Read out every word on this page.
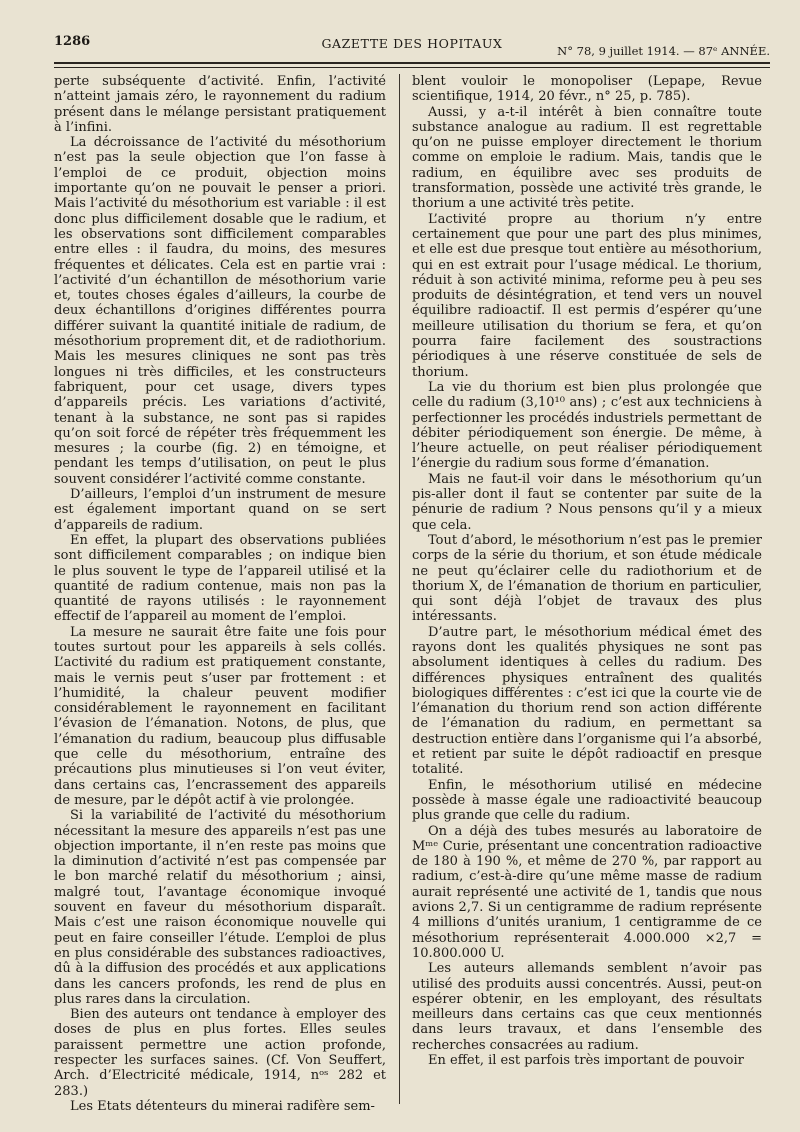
1286	GAZETTE DES HOPITAUX	N° 78, 9 juillet 1914. — 87ᵉ ANNÉE.

perte subséquente d’activité. Enfin, l’activité n’atteint jamais zéro, le rayonnement du radium présent dans le mélange persistant pratiquement à l’infini.

La décroissance de l’activité du mésothorium n’est pas la seule objection que l’on fasse à l’emploi de ce produit, objection moins importante qu’on ne pouvait le penser a priori. Mais l’activité du mésothorium est variable : il est donc plus difficilement dosable que le radium, et les observations sont difficilement comparables entre elles : il faudra, du moins, des mesures fréquentes et délicates. Cela est en partie vrai : l’activité d’un échantillon de mésothorium varie et, toutes choses égales d’ailleurs, la courbe de deux échantillons d’origines différentes pourra différer suivant la quantité initiale de radium, de mésothorium proprement dit, et de radiothorium. Mais les mesures cliniques ne sont pas très longues ni très difficiles, et les constructeurs fabriquent, pour cet usage, divers types d’appareils précis. Les variations d’activité, tenant à la substance, ne sont pas si rapides qu’on soit forcé de répéter très fréquemment les mesures ; la courbe (fig. 2) en témoigne, et pendant les temps d’utilisation, on peut le plus souvent considérer l’activité comme constante.

D’ailleurs, l’emploi d’un instrument de mesure est également important quand on se sert d’appareils de radium.

En effet, la plupart des observations publiées sont difficilement comparables ; on indique bien le plus souvent le type de l’appareil utilisé et la quantité de radium contenue, mais non pas la quantité de rayons utilisés : le rayonnement effectif de l’appareil au moment de l’emploi.

La mesure ne saurait être faite une fois pour toutes surtout pour les appareils à sels collés. L’activité du radium est pratiquement constante, mais le vernis peut s’user par frottement : et l’humidité, la chaleur peuvent modifier considérablement le rayonnement en facilitant l’évasion de l’émanation. Notons, de plus, que l’émanation du radium, beaucoup plus diffusable que celle du mésothorium, entraîne des précautions plus minutieuses si l’on veut éviter, dans certains cas, l’encrassement des appareils de mesure, par le dépôt actif à vie prolongée.

Si la variabilité de l’activité du mésothorium nécessitant la mesure des appareils n’est pas une objection importante, il n’en reste pas moins que la diminution d’activité n’est pas compensée par le bon marché relatif du mésothorium ; ainsi, malgré tout, l’avantage économique invoqué souvent en faveur du mésothorium disparaît. Mais c’est une raison économique nouvelle qui peut en faire conseiller l’étude. L’emploi de plus en plus considérable des substances radioactives, dû à la diffusion des procédés et aux applications dans les cancers profonds, les rend de plus en plus rares dans la circulation.

Bien des auteurs ont tendance à employer des doses de plus en plus fortes. Elles seules paraissent permettre une action profonde, respecter les surfaces saines. (Cf. Von Seuffert, Arch. d’Electricité médicale, 1914, nᵒˢ 282 et 283.)

Les Etats détenteurs du minerai radifère sem-

blent vouloir le monopoliser (Lepape, Revue scientifique, 1914, 20 févr., n° 25, p. 785).

Aussi, y a-t-il intérêt à bien connaître toute substance analogue au radium. Il est regrettable qu’on ne puisse employer directement le thorium comme on emploie le radium. Mais, tandis que le radium, en équilibre avec ses produits de transformation, possède une activité très grande, le thorium a une activité très petite.

L’activité propre au thorium n’y entre certainement que pour une part des plus minimes, et elle est due presque tout entière au mésothorium, qui en est extrait pour l’usage médical. Le thorium, réduit à son activité minima, reforme peu à peu ses produits de désintégration, et tend vers un nouvel équilibre radioactif. Il est permis d’espérer qu’une meilleure utilisation du thorium se fera, et qu’on pourra faire facilement des soustractions périodiques à une réserve constituée de sels de thorium.

La vie du thorium est bien plus prolongée que celle du radium (3,10¹⁰ ans) ; c’est aux techniciens à perfectionner les procédés industriels permettant de débiter périodiquement son énergie. De même, à l’heure actuelle, on peut réaliser périodiquement l’énergie du radium sous forme d’émanation.

Mais ne faut-il voir dans le mésothorium qu’un pis-aller dont il faut se contenter par suite de la pénurie de radium ? Nous pensons qu’il y a mieux que cela.

Tout d’abord, le mésothorium n’est pas le premier corps de la série du thorium, et son étude médicale ne peut qu’éclairer celle du radiothorium et de thorium X, de l’émanation de thorium en particulier, qui sont déjà l’objet de travaux des plus intéressants.

D’autre part, le mésothorium médical émet des rayons dont les qualités physiques ne sont pas absolument identiques à celles du radium. Des différences physiques entraînent des qualités biologiques différentes : c’est ici que la courte vie de l’émanation du thorium rend son action différente de l’émanation du radium, en permettant sa destruction entière dans l’organisme qui l’a absorbé, et retient par suite le dépôt radioactif en presque totalité.

Enfin, le mésothorium utilisé en médecine possède à masse égale une radioactivité beaucoup plus grande que celle du radium.

On a déjà des tubes mesurés au laboratoire de Mᵐᵉ Curie, présentant une concentration radioactive de 180 à 190 %, et même de 270 %, par rapport au radium, c’est-à-dire qu’une même masse de radium aurait représenté une activité de 1, tandis que nous avions 2,7. Si un centigramme de radium représente 4 millions d’unités uranium, 1 centigramme de ce mésothorium représenterait 4.000.000 ×2,7 = 10.800.000 U.

Les auteurs allemands semblent n’avoir pas utilisé des produits aussi concentrés. Aussi, peut-on espérer obtenir, en les employant, des résultats meilleurs dans certains cas que ceux mentionnés dans leurs travaux, et dans l’ensemble des recherches consacrées au radium.

En effet, il est parfois très important de pouvoir
